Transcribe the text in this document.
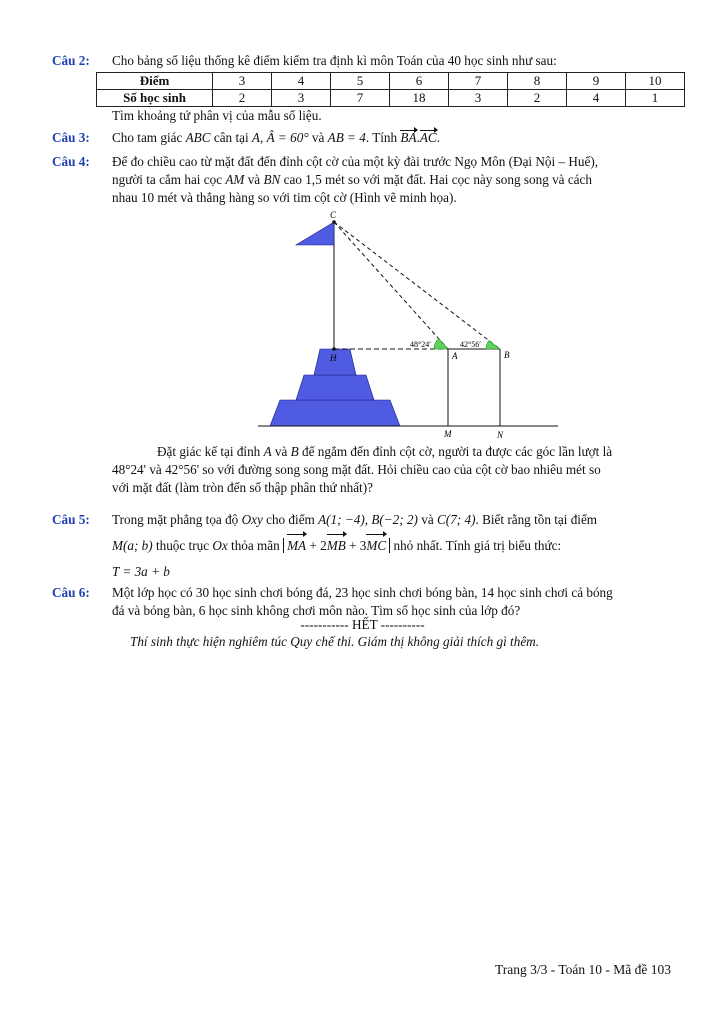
Câu 2: Cho bảng số liệu thống kê điểm kiểm tra định kì môn Toán của 40 học sinh như sau:
Điểm	3	4	5	6	7	8	9	10
Số học sinh	2	3	7	18	3	2	4	1
Tìm khoảng tứ phân vị của mẫu số liệu.
Câu 3: Cho tam giác ABC cân tại A, Â = 60° và AB = 4. Tính BA.AC.
Câu 4: Để đo chiều cao từ mặt đất đến đỉnh cột cờ của một kỳ đài trước Ngọ Môn (Đại Nội – Huế),
người ta cắm hai cọc AM và BN cao 1,5 mét so với mặt đất. Hai cọc này song song và cách
nhau 10 mét và thẳng hàng so với tim cột cờ (Hình vẽ minh họa).
C
H	A	B
M	N
48°24′	42°56′
Đặt giác kế tại đỉnh A và B để ngắm đến đỉnh cột cờ, người ta được các góc lần lượt là
48°24' và 42°56' so với đường song song mặt đất. Hỏi chiều cao của cột cờ bao nhiêu mét so
với mặt đất (làm tròn đến số thập phân thứ nhất)?
Câu 5: Trong mặt phẳng tọa độ Oxy cho điểm A(1; −4), B(−2; 2) và C(7; 4). Biết rằng tồn tại điểm
M(a; b) thuộc trục Ox thỏa mãn MA + 2MB + 3MC nhỏ nhất. Tính giá trị biểu thức:
T = 3a + b
Câu 6: Một lớp học có 30 học sinh chơi bóng đá, 23 học sinh chơi bóng bàn, 14 học sinh chơi cả bóng
đá và bóng bàn, 6 học sinh không chơi môn nào. Tìm số học sinh của lớp đó?
----------- HẾT ----------
Thí sinh thực hiện nghiêm túc Quy chế thi. Giám thị không giải thích gì thêm.
Trang 3/3 - Toán 10 - Mã đề 103
